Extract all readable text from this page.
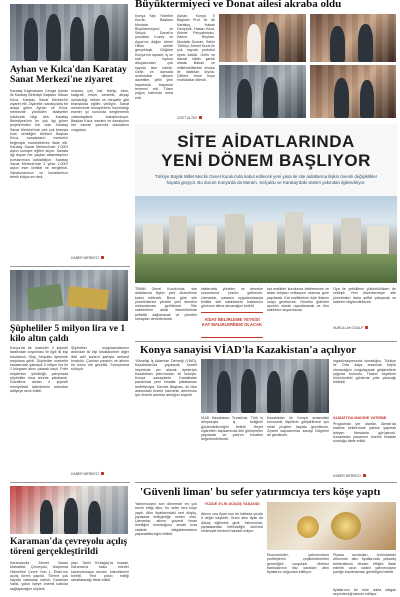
Ayhan ve Kılca'dan Karatay Sanat Merkezi'ne ziyaret
Karatay Kaymakamı Cengiz Ayhan ile Karatay Belediye Başkanı Hasan Kılca, Karatay Sanat Merkezi'ni ziyaret etti. Ziyarette, sanatçılarla bir araya gelen Ayhan ve Kılca, merkezde yürütülen faaliyetler hakkında bilgi aldı. Karatay Belediyesi'nin en çok ilgi gören projelerinden biri olan Karatay Sanat Merkezi'nde pek çok branşta kurs verildiğini belirten Başkan Kılca, sanatçıların eserlerini beğeniyle incelediklerini ifade etti. Karatay Sanat Merkezi'nde 1.000'i aşkın kursiyer eğitim alıyor. Sanata ilgi duyan her yaştan vatandaşımız kurslarımıza katılabiliyor. Karatay Sanat Merkezi'nde 3 yılda 1.000'i aşkın eser üretildi ve sergilendi. Sanatçılarımızı ve hocalarımızı tebrik ediyorum dedi.
ressam, çini, hat, tezhip, ebru, kaligrafi, resim, seramik, ahşap oymacılığı, telkari ve minyatür gibi branşlarda eğitim veriliyor. Sanat merkezinde kursiyerlerin hazırladığı eserler yıl sonunda sergilenerek vatandaşlarla buluşturuluyor. Başkan Kılca, sanatın ve sanatçının her zaman yanında olduklarını vurguladı.
HABER MERKEZİ
Büyüktermiyeci ve Donat ailesi akraba oldu
Konya Yapı Yönetim Kurulu Başkanı Mustafa Büyüktermiyeci ve Selçuk Donat'ın çocukları Kuzey ve Ayça'nın düğün töreni Hilton otelde gerçekleşti. Düğüne Konya'nın siyaset, iş ve sivil toplum dünyasından çok sayıda isim katıldı. Gelin ve damada mutluluklar dileyen davetliler, çiftin yeni hayatında başarılar temenni etti. Tören yoğun katılımla sona erdi.
Ayhan, Konya İl Başkanı Prof. Dr. Ali Karakoç, Hakan Gençtürk, Hasan Kılca, Ahmet Pekyatırmacı, Kazım Reyhan, Mustafa Duman, Selim Tüfekçi, Ahmet Kural ile çok sayıda protokol üyesi katıldı. Gelin ve damat nikâh şahidi olarak Bakan ve milletvekillerinin imzası ile nikâhları kıyıldı. Çiftlere ömür boyu mutluluklar dilendi.
İZZET ALTAY
SİTE AİDATLARINDA
YENİ DÖNEM BAŞLIYOR
Türkiye Büyük Millet Meclis Genel Kurulu'nda kabul edilecek yeni yasa ile site aidatlarına ilişkin önemli değişiklikler hayata geçiyor. Bu durum Konya'da da Meram, Selçuklu ve Karatay'daki siteleri yakından ilgilendiriyor.
TBMM Genel Kurulu'nda, site aidatlarına ilişkin yeni düzenleme kabul edilecek. Buna göre site yönetimlerine yönelik yeni denetim mekanizması getirilecek. Site sakinlerinin aidat ödemelerinde şeffaflık sağlanacak ve yönetim hesapları denetlenecek.
sitelerdeki yönetim ve denetim sorunlarına çözüm getirecek. Uzmanlar, yasanın uygulanmasıyla birlikte site sakinlerinin haklarının güvence altına alınacağını belirtti.
AİDAT BELİRLEME YETKİSİ KAT MALİKLERİNDE OLACAK
kat malikleri kurulunca belirlenecek ve aidat artışları enflasyon oranına göre yapılacak. Kat maliklerinin üçte ikisinin onayı gerekecek. Yönetim giderleri ayrıntılı olarak raporlanacak ve tüm sakinlere duyurulacak.
Oya ile yetkililerin yükümlülükleri de netleşti. Yeni düzenlemeyle site yönetimleri daha şeffaf çalışacak ve sakinler bilgilendirilecek.
NURULLAH ÖZALP
Şüpheliler 5 milyon lira ve 1 kilo altın çaldı
Konya'da bir marketin 4 şüpheli tarafından soyulması ile ilgili iki kişi tutuklandı. Olay, Selçuklu ilçesinde meydana geldi. Şüpheliler marketin kasasından yaklaşık 5 milyon lira ile 1 kilogram altını çalarak kaçtı. Polis ekiplerinin yürüttüğü çalışmada şüpheliler kısa sürede yakalandı. Gözaltına alınan 4 şüpheli emniyetteki işlemlerinin ardından adliyeye sevk edildi.
Şüpheliler sorgulamalarının ardından iki kişi tutuklanırken diğer ikisi adli kontrol şartıyla serbest bırakıldı. Çalınan paranın ve altının bir kısmı ele geçirildi. Soruşturma sürüyor.
HABER MERKEZİ
Konya sanayisi VİAD'la Kazakistan'a açılıyor
Yükselişi İş Adamları Derneği (VİAD), Kazakistan'da yapılacak ticaret heyetinde yer alacak üyeleriyle Kazakistan yatırımcıları ile buluştu. Konya sanayisinin Kazakistan pazarında yeni fırsatlar yakalaması hedefleniyor. Dernek Başkanı, iki ülke arasındaki ticaret hacminin artırılması için önemli adımlar atıldığını söyledi.
VİAD Kazakistan Temsilcisi, Türk iş dünyasıyla iş birliğinin güçlendirileceğini belirtti. Heyet ziyaretleri kapsamında ikili görüşmeler yapılacak ve yatırım fırsatları değerlendirilecek.
Kazakistan ile Konya arasındaki ekonomik ilişkilerin geliştirilmesi için ortak projeler hayata geçirilecek. Ziyaret kapsamında sanayi bölgeleri de gezilecek.
organizasyonunda olmadığını, Türkiye ile Orta Asya arasında köprü olunacağını vurgulayarak girişimcilere çağrıda bulundu. Ticaret heyetinin önümüzdeki günlerde yola çıkacağı bildirildi.
ALMATI'DA MAKİNE YATIRIMI
Programda yer alanlar, Almatı'da makine sektöründe yatırım yapmak isteyen firmalarla görüşecek. Kazakistan pazarının önemli fırsatlar sunduğu ifade edildi.
HABER MERKEZİ
Karaman'da çevreyolu açılış töreni gerçekleştirildi
Karaman'da Ahmet Baran Mahallesi, Çevreyolu, Ulaştırma Hizmetleri Çevre Yolu 1. Etabı'nın açılış töreni yapıldı. Törene çok sayıda vatandaş katıldı. Karaman Valisi, yolun ilçeye önemli katkılar sağlayacağını söyledi.
yapı Tarihi Kırkağaç'ta inşaatı, Karaman'a kalıcı eserler kazandırmaya devam edeceklerini belirtti. Yeni yolun trafiği rahatlatacağı ifade edildi.
'Güvenli liman' bu sefer yatırımcıya ters köşe yaptı
Yatırımcıların son dönemde en çok tercih ettiği altın, bu sefer ters köşe yaptı. Altın fiyatlarındaki sert düşüş, piyasada tedirginliğe neden oldu. Uzmanlar, altının güvenli liman özelliğini koruduğunu ancak kısa vadede dalgalanmaların yaşanabileceğini belirtti.
YÜZDE 5'LİK DÜŞÜŞ YAŞANDI
Altının ons fiyatı son bir haftada yüzde 5 değer kaybetti. Gram altın fiyatı da düşüş eğilimine girdi. Yatırımcılar, piyasalardaki belirsizliğin sürmesi nedeniyle temkinli hareket ediyor.
Ekonomistler, yatırımcıların portföylerini çeşitlendirmeleri gerektiğini vurguladı. Merkez bankalarının faiz kararları altın fiyatlarını doğrudan etkiliyor.
Piyasa uzmanları, önümüzdeki dönemde altın fiyatlarında yükseliş beklentisinin devam ettiğini ifade ederek uzun vadeli yatırımcıların paniğe kapılmaması gerektiğini belirtti.
fiyatlarının bir süre daha dalgalı seyredeceği tahmin ediliyor.
